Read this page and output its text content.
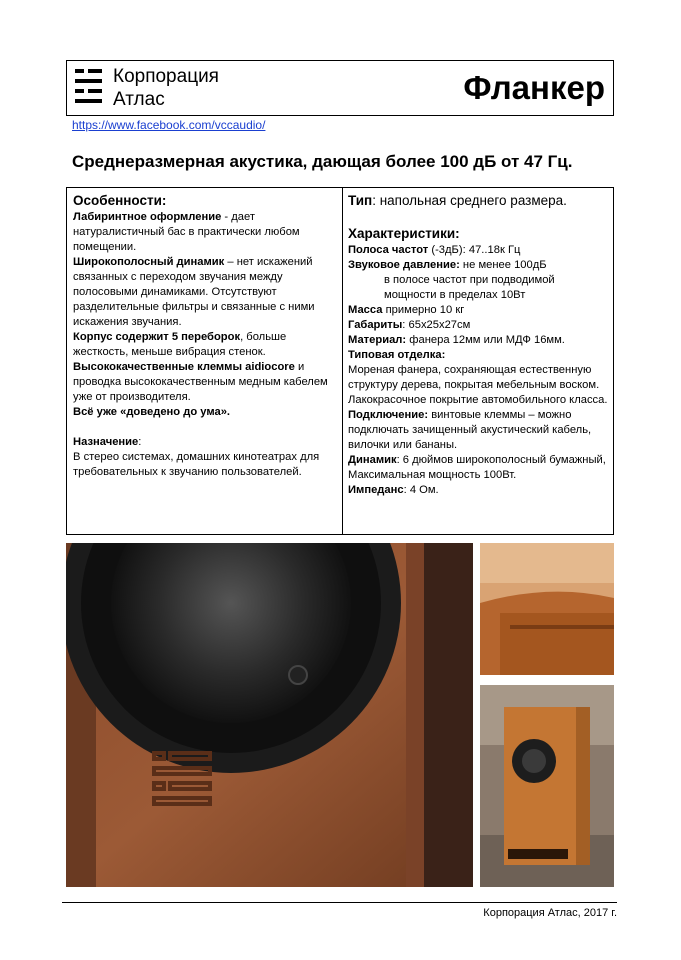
Корпорация
Атлас	Фланкер
https://www.facebook.com/vccaudio/
Среднеразмерная акустика, дающая более 100 дБ от 47 Гц.
Особенности:

Лабиринтное оформление - дает натуралистичный бас в практически любом помещении.

Широкополосный динамик – нет искажений связанных с переходом звучания между полосовыми динамиками. Отсутствуют разделительные фильтры и связанные с ними искажения звучания.

Корпус содержит 5 переборок, больше жесткость, меньше вибрация стенок.

Высококачественные клеммы aidiocore и проводка высококачественным медным кабелем уже от производителя.

Всё уже «доведено до ума».

Назначение:

В стерео системах, домашних кинотеатрах для требовательных к звучанию пользователей.

Тип: напольная среднего размера.
Характеристики:

Полоса частот (-3дБ): 47..18к Гц

Звуковое давление: не менее 100дБ

в полосе частот при подводимой

мощности в пределах 10Вт

Масса примерно 10 кг

Габариты: 65х25х27см

Материал: фанера 12мм или МДФ 16мм.

Типовая отделка:

Мореная фанера, сохраняющая естественную структуру дерева, покрытая мебельным воском.

Лакокрасочное покрытие автомобильного класса.

Подключение: винтовые клеммы – можно подключать зачищенный акустический кабель, вилочки или бананы.

Динамик: 6 дюймов широкополосный бумажный, Максимальная мощность 100Вт.

Импеданс: 4 Ом.

Корпорация Атлас, 2017 г.
